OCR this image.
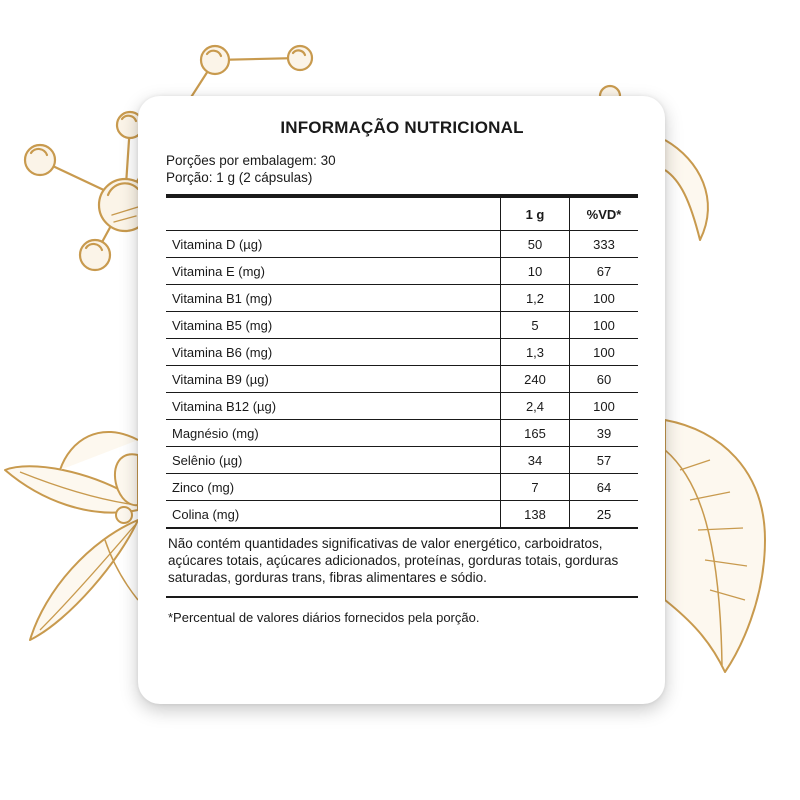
INFORMAÇÃO NUTRICIONAL
Porções por embalagem: 30
Porção: 1 g (2 cápsulas)
	1 g	%VD*
Vitamina D (µg)	50	333
Vitamina E (mg)	10	67
Vitamina B1 (mg)	1,2	100
Vitamina B5 (mg)	5	100
Vitamina B6 (mg)	1,3	100
Vitamina B9 (µg)	240	60
Vitamina B12 (µg)	2,4	100
Magnésio (mg)	165	39
Selênio (µg)	34	57
Zinco (mg)	7	64
Colina (mg)	138	25
Não contém quantidades significativas de valor energético, carboidratos, açúcares totais, açúcares adicionados, proteínas, gorduras totais, gorduras saturadas, gorduras trans, fibras alimentares e sódio.
*Percentual de valores diários fornecidos pela porção.
